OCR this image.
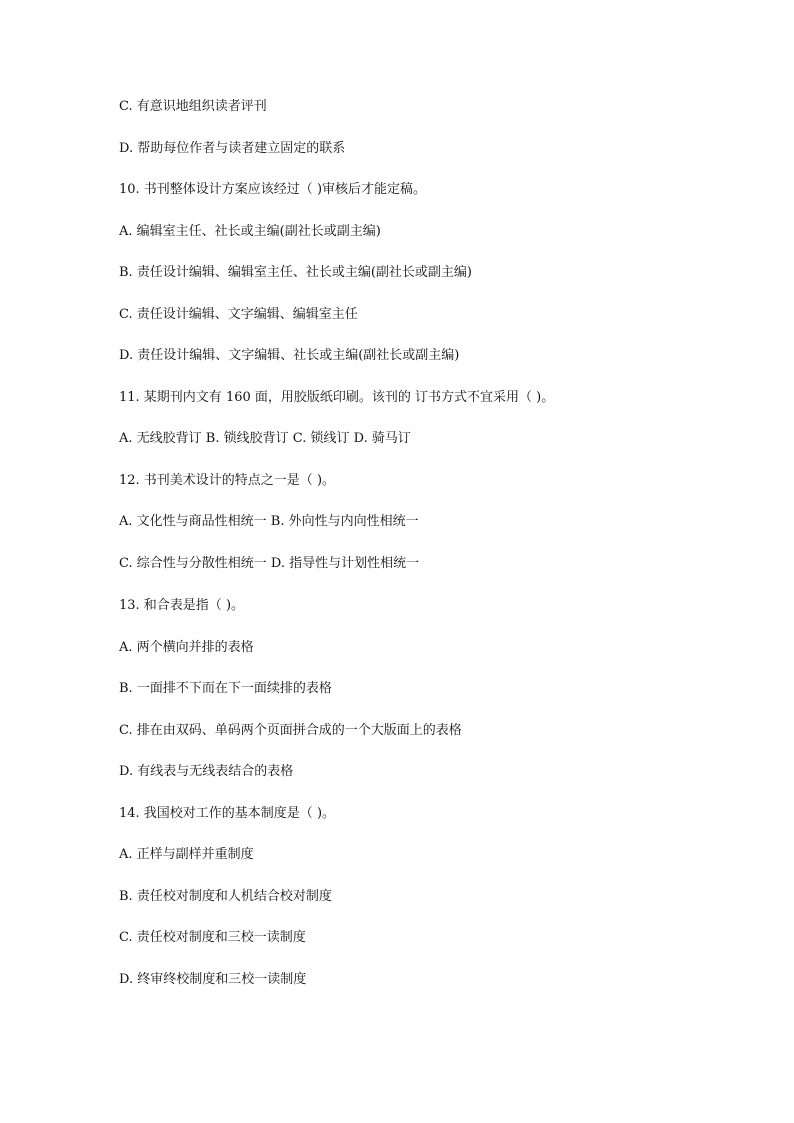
C. 有意识地组织读者评刊
D. 帮助每位作者与读者建立固定的联系
10. 书刊整体设计方案应该经过（ )审核后才能定稿。
A. 编辑室主任、社长或主编(副社长或副主编)
B. 责任设计编辑、编辑室主任、社长或主编(副社长或副主编)
C. 责任设计编辑、文字编辑、编辑室主任
D. 责任设计编辑、文字编辑、社长或主编(副社长或副主编)
11. 某期刊内文有 160 面，用胶版纸印刷。该刊的 订书方式不宜采用（ )。
A. 无线胶背订 B. 锁线胶背订 C. 锁线订 D. 骑马订
12. 书刊美术设计的特点之一是（ )。
A. 文化性与商品性相统一 B. 外向性与内向性相统一
C. 综合性与分散性相统一 D. 指导性与计划性相统一
13. 和合表是指（ )。
A. 两个横向并排的表格
B. 一面排不下而在下一面续排的表格
C. 排在由双码、单码两个页面拼合成的一个大版面上的表格
D. 有线表与无线表结合的表格
14. 我国校对工作的基本制度是（ )。
A. 正样与副样并重制度
B. 责任校对制度和人机结合校对制度
C. 责任校对制度和三校一读制度
D. 终审终校制度和三校一读制度
